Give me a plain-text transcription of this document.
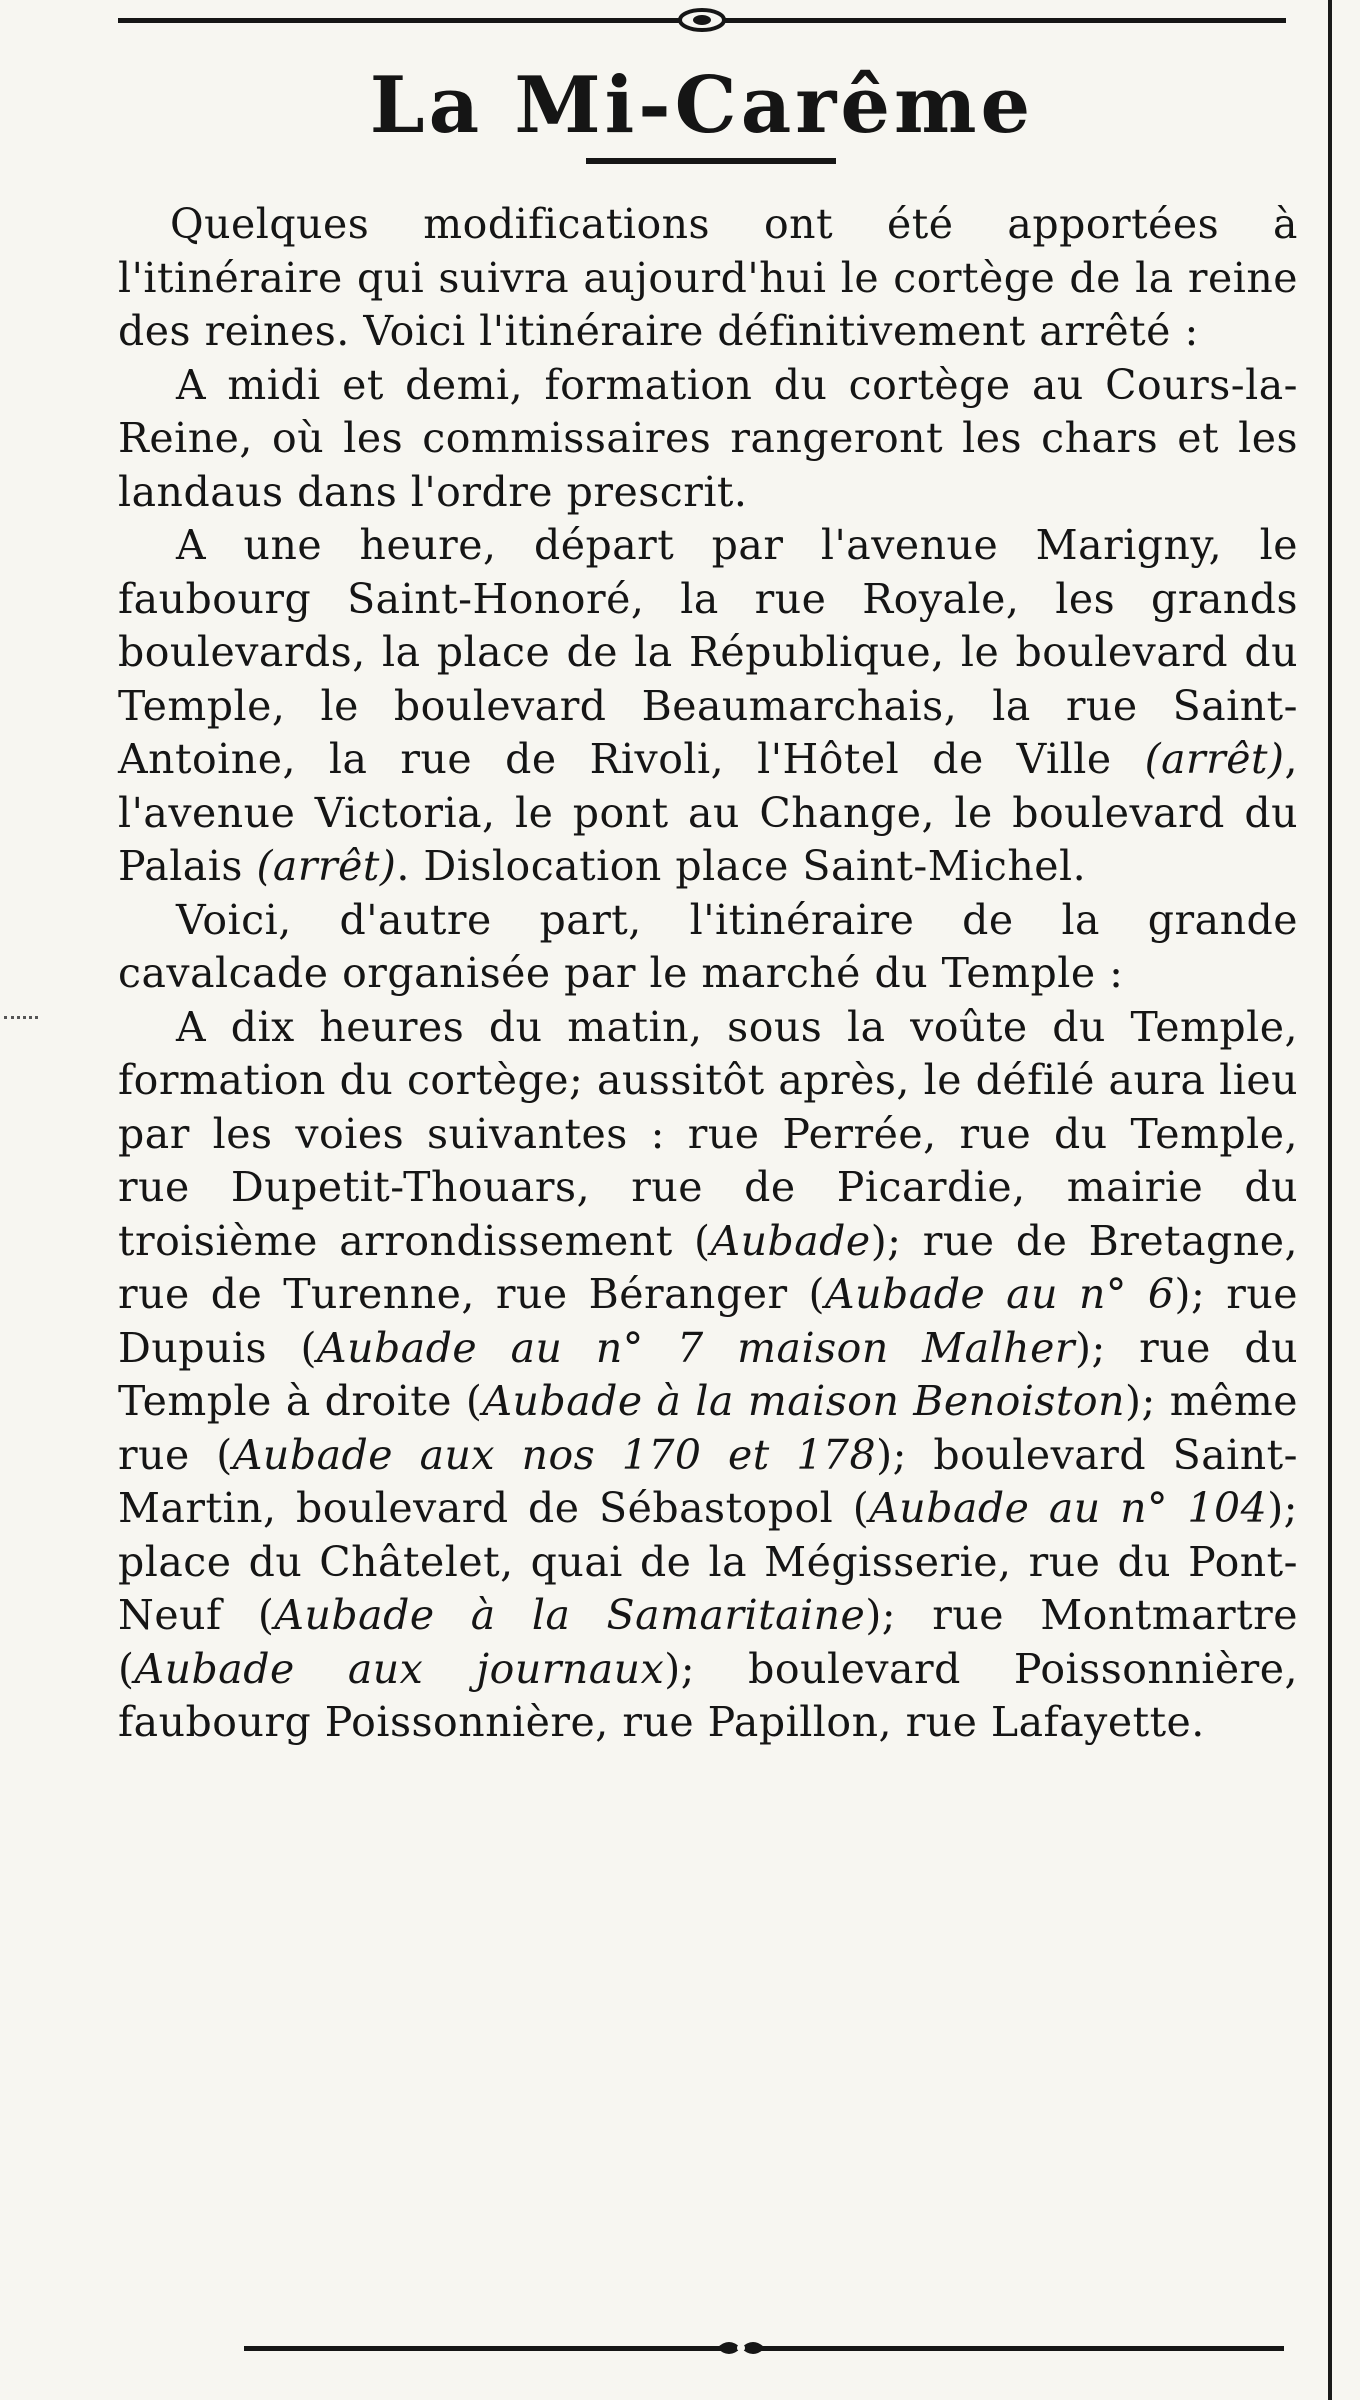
La Mi-Carême

Quelques modifications ont été apportées à l'itinéraire qui suivra aujourd'hui le cortège de la reine des reines. Voici l'itinéraire définitivement arrêté :

A midi et demi, formation du cortège au Cours-la-Reine, où les commissaires rangeront les chars et les landaus dans l'ordre prescrit.

A une heure, départ par l'avenue Marigny, le faubourg Saint-Honoré, la rue Royale, les grands boulevards, la place de la République, le boulevard du Temple, le boulevard Beaumarchais, la rue Saint-Antoine, la rue de Rivoli, l'Hôtel de Ville (arrêt), l'avenue Victoria, le pont au Change, le boulevard du Palais (arrêt). Dislocation place Saint-Michel.

Voici, d'autre part, l'itinéraire de la grande cavalcade organisée par le marché du Temple :

A dix heures du matin, sous la voûte du Temple, formation du cortège; aussitôt après, le défilé aura lieu par les voies suivantes : rue Perrée, rue du Temple, rue Dupetit-Thouars, rue de Picardie, mairie du troisième arrondissement (Aubade); rue de Bretagne, rue de Turenne, rue Béranger (Aubade au n° 6); rue Dupuis (Aubade au n° 7 maison Malher); rue du Temple à droite (Aubade à la maison Benoiston); même rue (Aubade aux nos 170 et 178); boulevard Saint-Martin, boulevard de Sébastopol (Aubade au n° 104); place du Châtelet, quai de la Mégisserie, rue du Pont-Neuf (Aubade à la Samaritaine); rue Montmartre (Aubade aux journaux); boulevard Poissonnière, faubourg Poissonnière, rue Papillon, rue Lafayette.
